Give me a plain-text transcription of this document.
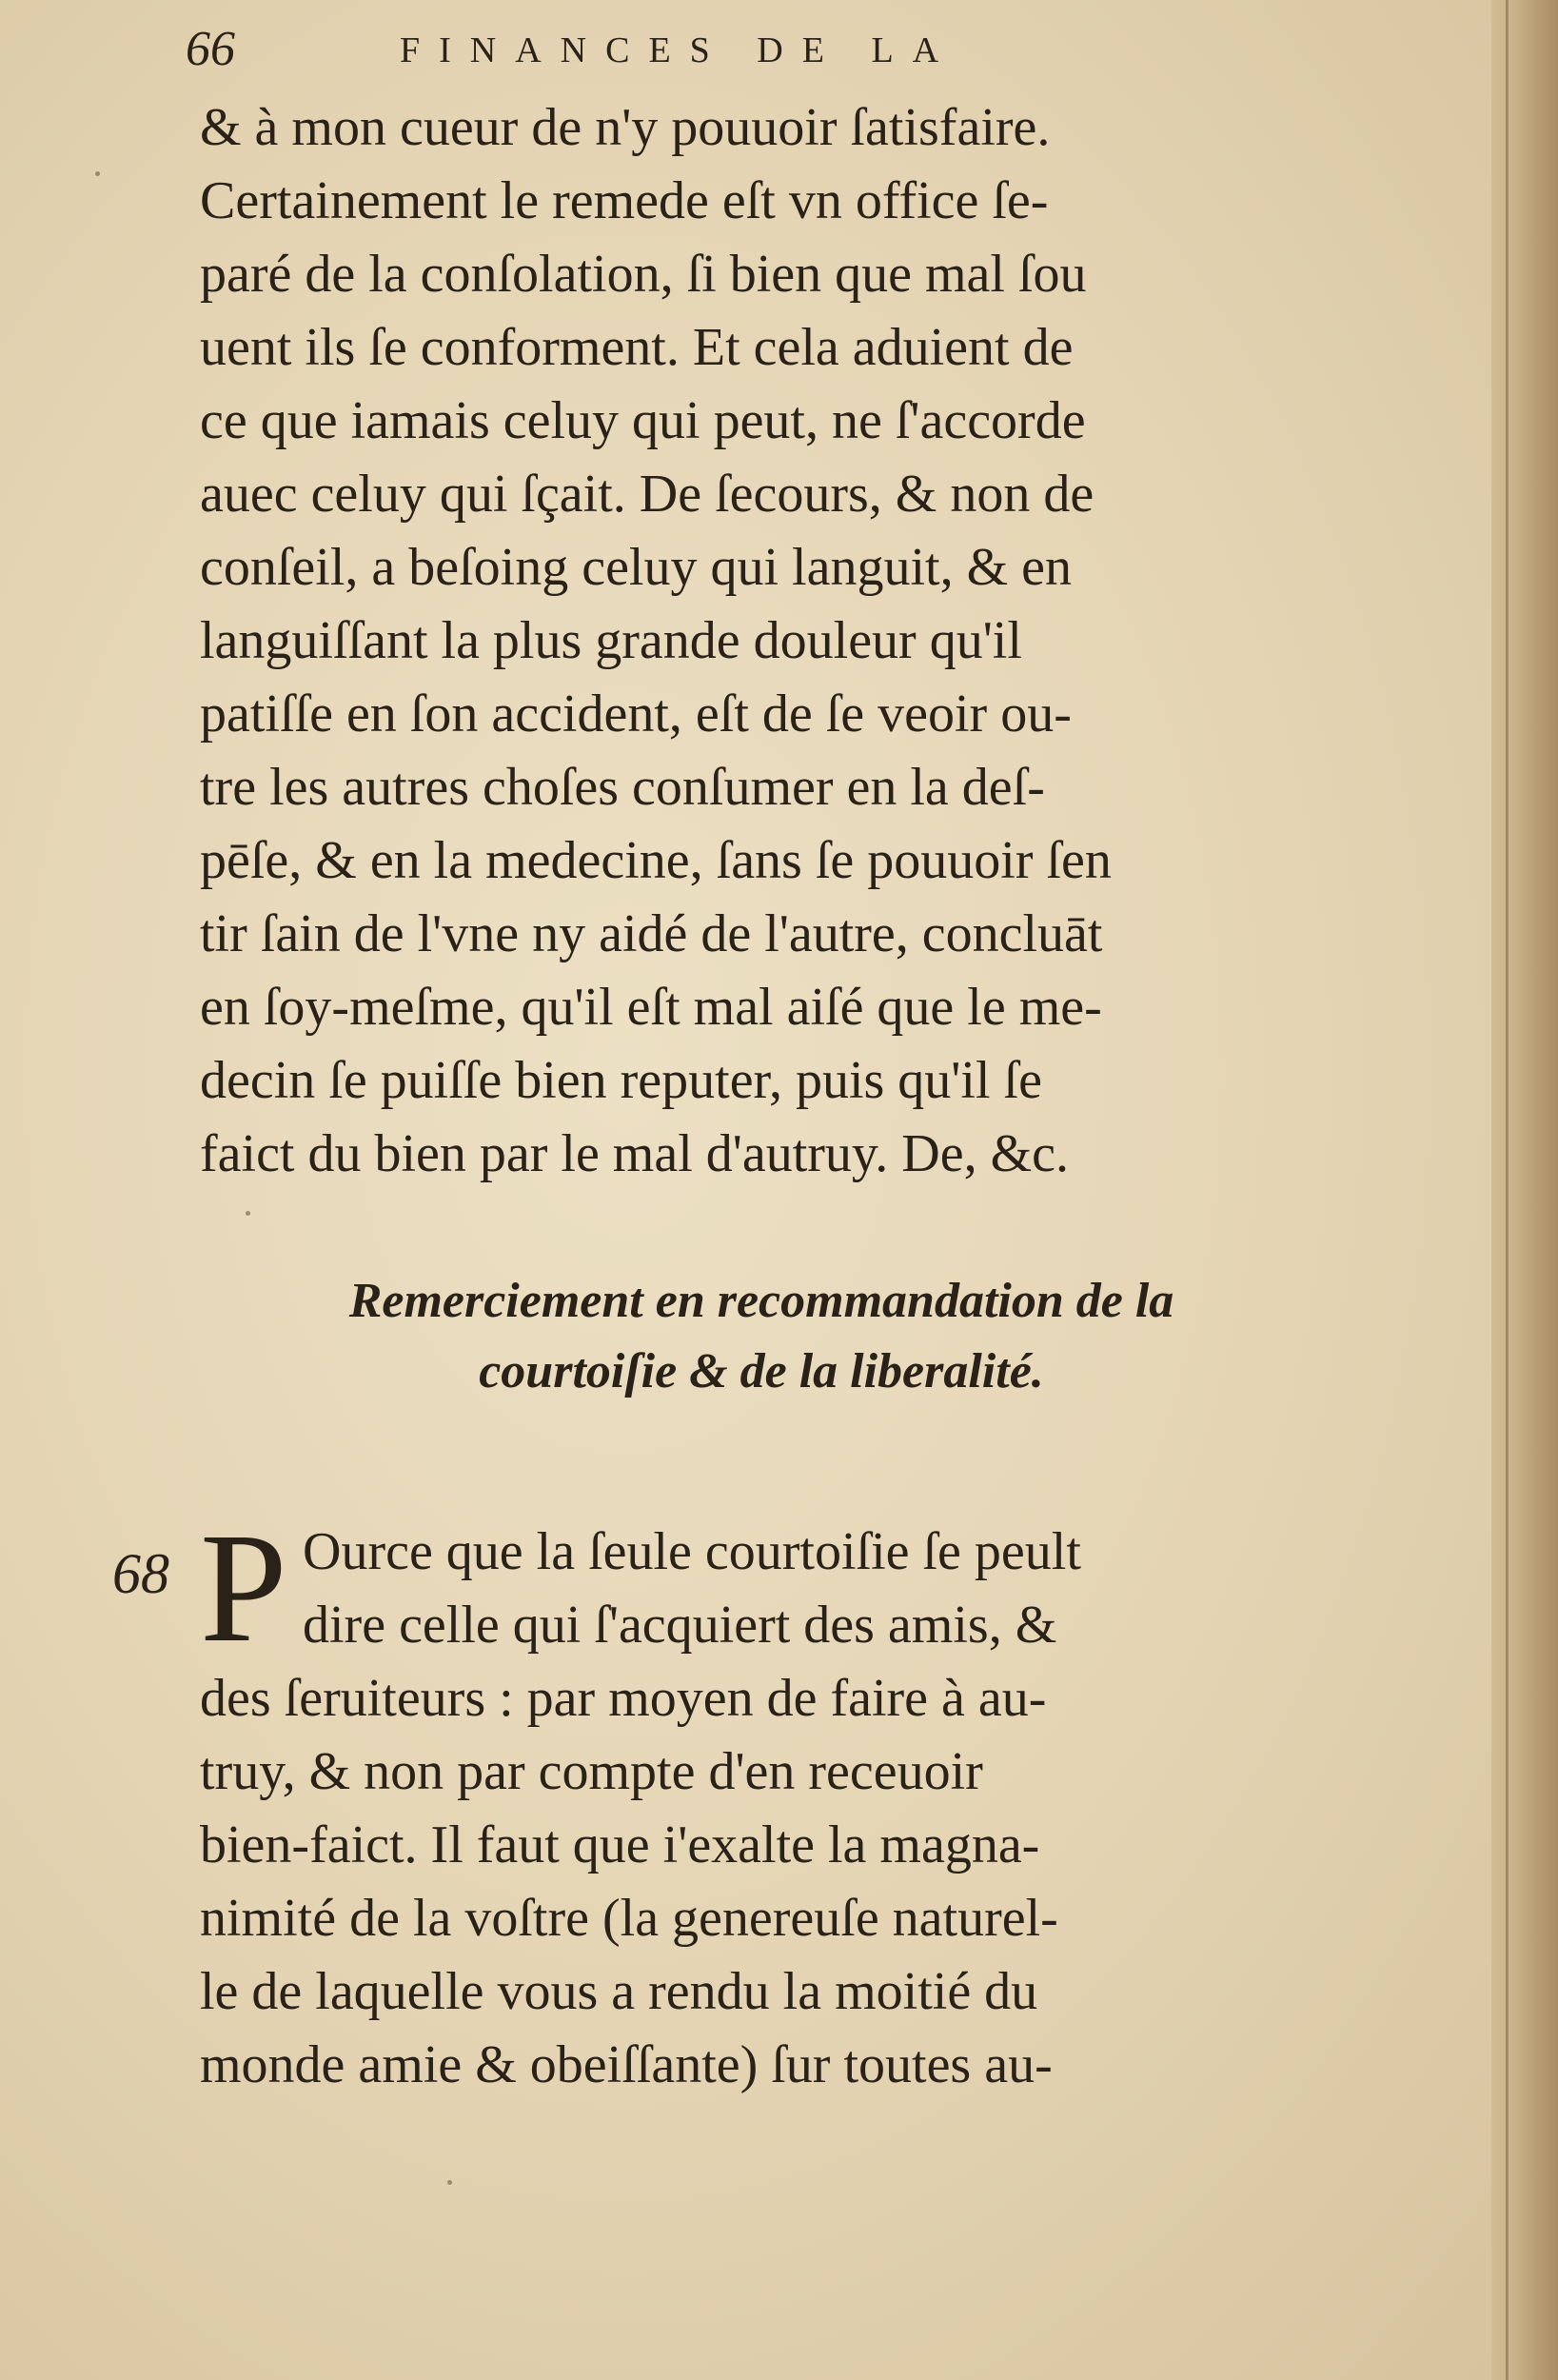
66	FINANCES DE LA
& à mon cueur de n'y pouuoir ſatisfaire.
Certainement le remede eſt vn office ſe-
paré de la conſolation, ſi bien que mal ſou
uent ils ſe conforment. Et cela aduient de
ce que iamais celuy qui peut, ne ſ'accorde
auec celuy qui ſçait. De ſecours, & non de
conſeil, a beſoing celuy qui languit, & en
languiſſant la plus grande douleur qu'il
patiſſe en ſon accident, eſt de ſe veoir ou-
tre les autres choſes conſumer en la deſ-
pēſe, & en la medecine, ſans ſe pouuoir ſen
tir ſain de l'vne ny aidé de l'autre, concluāt
en ſoy-meſme, qu'il eſt mal aiſé que le me-
decin ſe puiſſe bien reputer, puis qu'il ſe
faict du bien par le mal d'autruy. De, &c.
Remerciement en recommandation de la
courtoiſie & de la liberalité.
68 P Ource que la ſeule courtoiſie ſe peult
dire celle qui ſ'acquiert des amis, &
des ſeruiteurs : par moyen de faire à au-
truy, & non par compte d'en receuoir
bien-faict. Il faut que i'exalte la magna-
nimité de la voſtre (la genereuſe naturel-
le de laquelle vous a rendu la moitié du
monde amie & obeiſſante) ſur toutes au-
